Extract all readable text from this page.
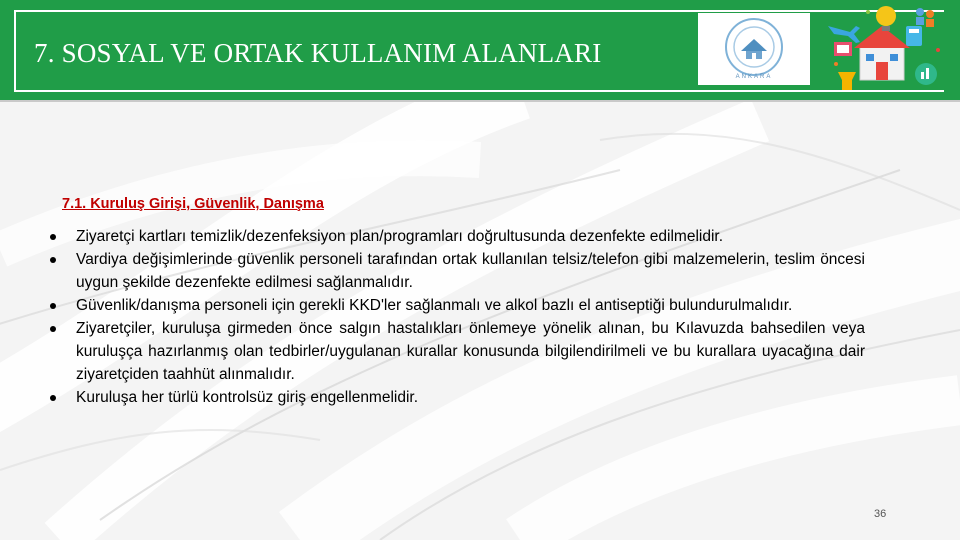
7. SOSYAL VE ORTAK KULLANIM ALANLARI
ANKARA
7.1. Kuruluş Girişi, Güvenlik, Danışma
Ziyaretçi kartları temizlik/dezenfeksiyon plan/programları doğrultusunda dezenfekte edilmelidir.
Vardiya değişimlerinde güvenlik personeli tarafından ortak kullanılan telsiz/telefon gibi malzemelerin, teslim öncesi uygun şekilde dezenfekte edilmesi sağlanmalıdır.
Güvenlik/danışma personeli için gerekli KKD'ler sağlanmalı ve alkol bazlı el antiseptiği bulundurulmalıdır.
Ziyaretçiler, kuruluşa girmeden önce salgın hastalıkları önlemeye yönelik alınan, bu Kılavuzda bahsedilen veya kuruluşça hazırlanmış olan tedbirler/uygulanan kurallar konusunda bilgilendirilmeli ve bu kurallara uyacağına dair ziyaretçiden taahhüt alınmalıdır.
Kuruluşa her türlü kontrolsüz giriş engellenmelidir.
36
